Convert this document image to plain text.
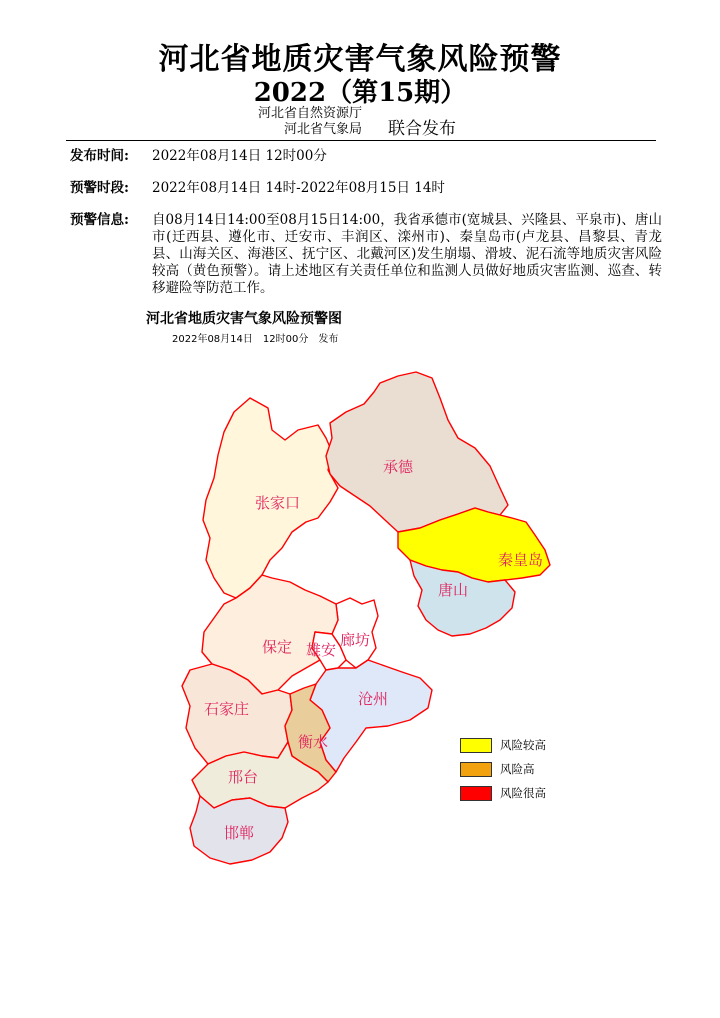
河北省地质灾害气象风险预警
2022（第15期）
河北省自然资源厅
河北省气象局 联合发布
发布时间: 2022年08月14日 12时00分
预警时段: 2022年08月14日 14时-2022年08月15日 14时
预警信息: 自08月14日14:00至08月15日14:00，我省承德市(宽城县、兴隆县、平泉市)、唐山市(迁西县、遵化市、迁安市、丰润区、滦州市)、秦皇岛市(卢龙县、昌黎县、青龙县、山海关区、海港区、抚宁区、北戴河区)发生崩塌、滑坡、泥石流等地质灾害风险较高（黄色预警）。请上述地区有关责任单位和监测人员做好地质灾害监测、巡查、转移避险等防范工作。
河北省地质灾害气象风险预警图
2022年08月14日　12时00分　发布
张家口
承德
秦皇岛
唐山
廊坊
保定 雄安
沧州
石家庄
衡水
邢台
邯郸
风险较高
风险高
风险很高
